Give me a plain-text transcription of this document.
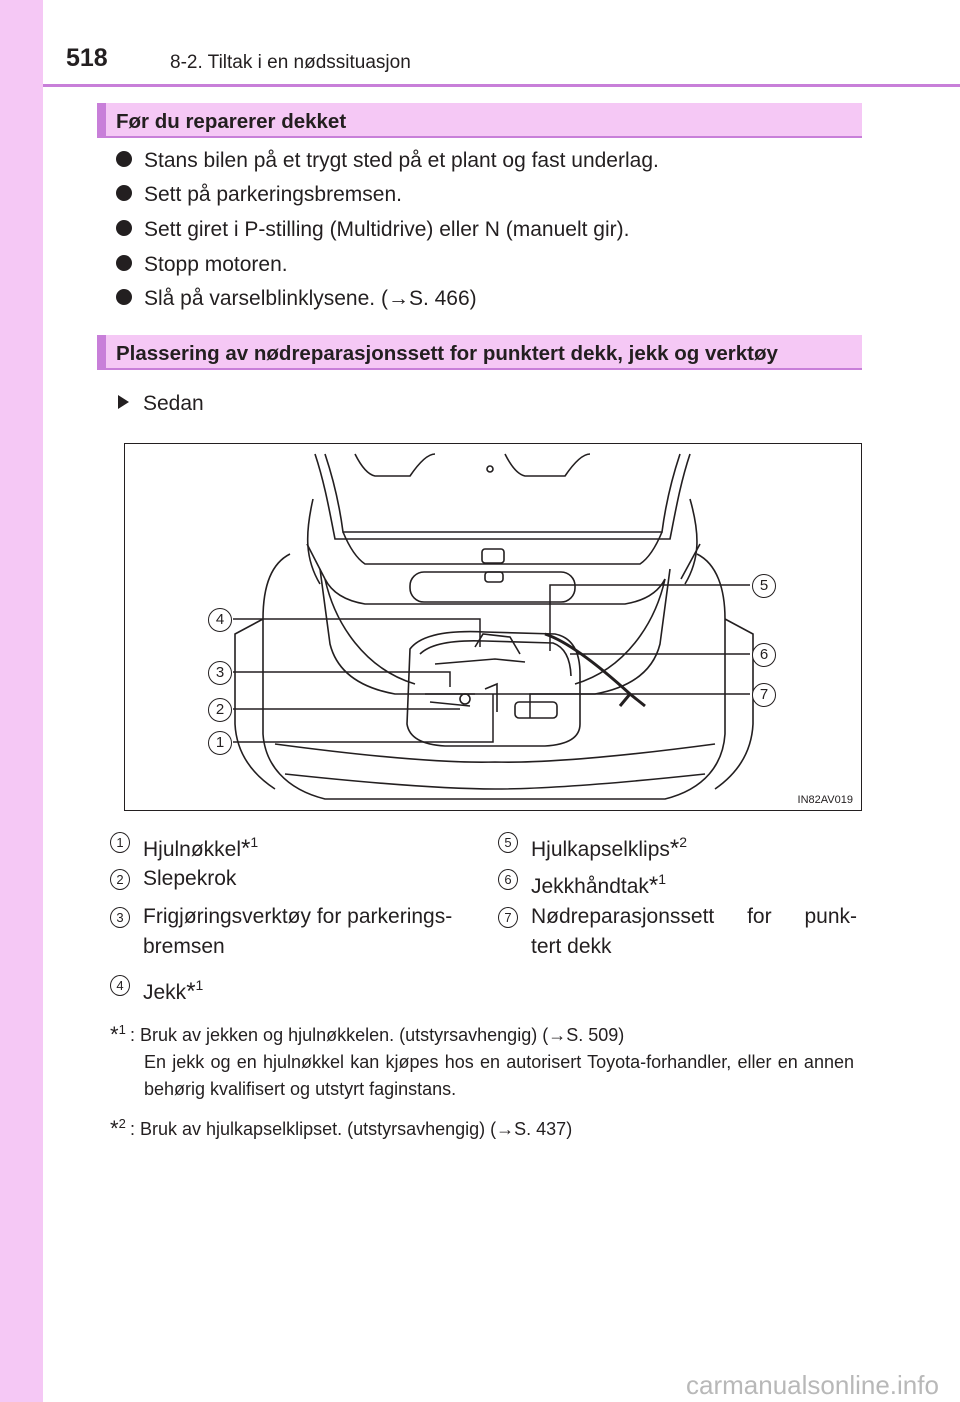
518	8-2. Tiltak i en nødssituasjon
Før du reparerer dekket
Stans bilen på et trygt sted på et plant og fast underlag.
Sett på parkeringsbremsen.
Sett giret i P-stilling (Multidrive) eller N (manuelt gir).
Stopp motoren.
Slå på varselblinklysene. (→S. 466)
Plassering av nødreparasjonssett for punktert dekk, jekk og verktøy
Sedan
4
3
2
1
5
6
7
IN82AV019
1 Hjulnøkkel*$^1$
2 Slepekrok
3 Frigjøringsverktøy for parkerings-
bremsen
4 Jekk*$^1$
5 Hjulkapselklips*$^2$
6 Jekkhåndtak*$^1$
7 Nødreparasjonssett for punk-
tert dekk
*$^1$ : Bruk av jekken og hjulnøkkelen. (utstyrsavhengig) (→S. 509)
En jekk og en hjulnøkkel kan kjøpes hos en autorisert Toyota-forhandler, eller en annen behørig kvalifisert og utstyrt faginstans.
*$^2$ : Bruk av hjulkapselklipset. (utstyrsavhengig) (→S. 437)
carmanualsonline.info
